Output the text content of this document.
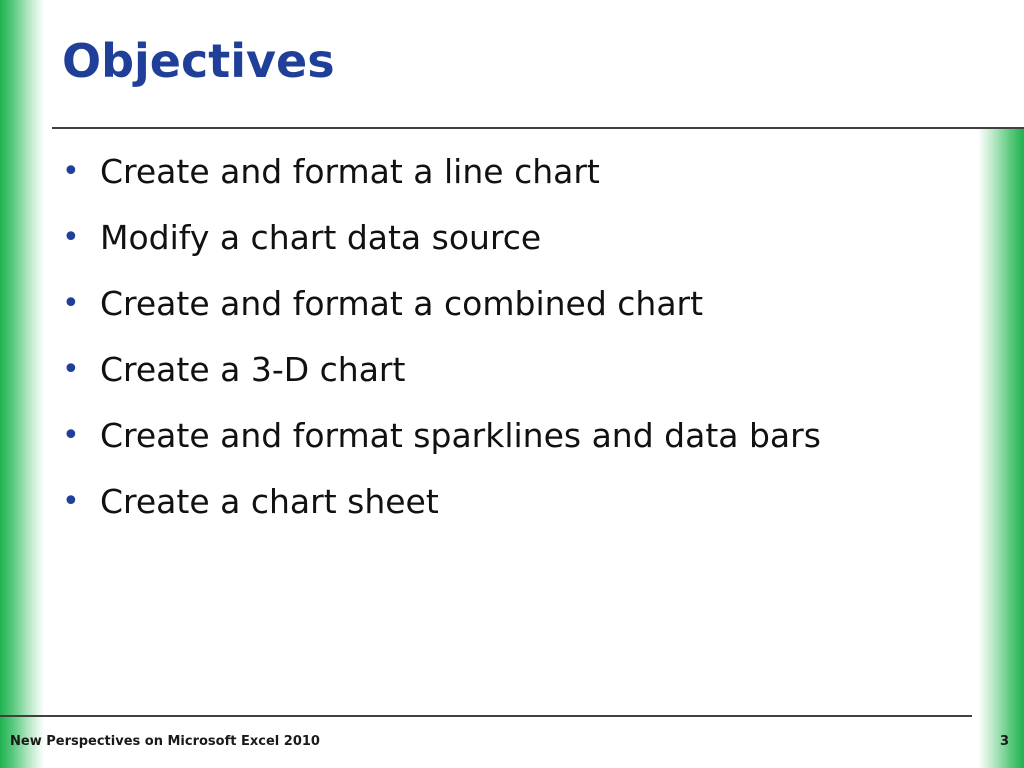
Objectives
• Create and format a line chart
• Modify a chart data source
• Create and format a combined chart
• Create a 3-D chart
• Create and format sparklines and data bars
• Create a chart sheet
New Perspectives on Microsoft Excel 2010	3
